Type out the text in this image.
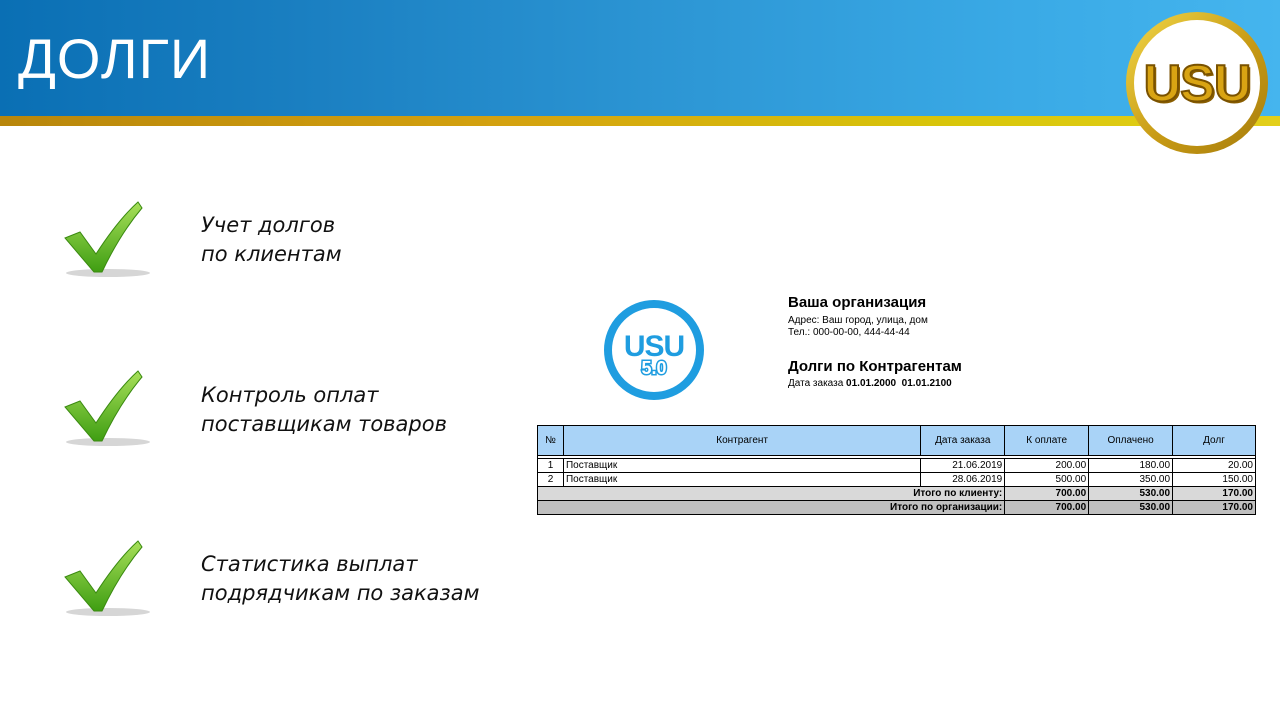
ДОЛГИ	USU
Учет долгов
по клиентам
Контроль оплат
поставщикам товаров
Статистика выплат
подрядчикам по заказам
USU
5.0
Ваша организация
Адрес: Ваш город, улица, дом
Тел.: 000-00-00, 444-44-44
Долги по Контрагентам
Дата заказа 01.01.2000 01.01.2100
№	Контрагент	Дата заказа	К оплате	Оплачено	Долг

1	Поставщик	21.06.2019	200.00	180.00	20.00
2	Поставщик	28.06.2019	500.00	350.00	150.00
Итого по клиенту:			700.00	530.00	170.00
Итого по организации:			700.00	530.00	170.00
